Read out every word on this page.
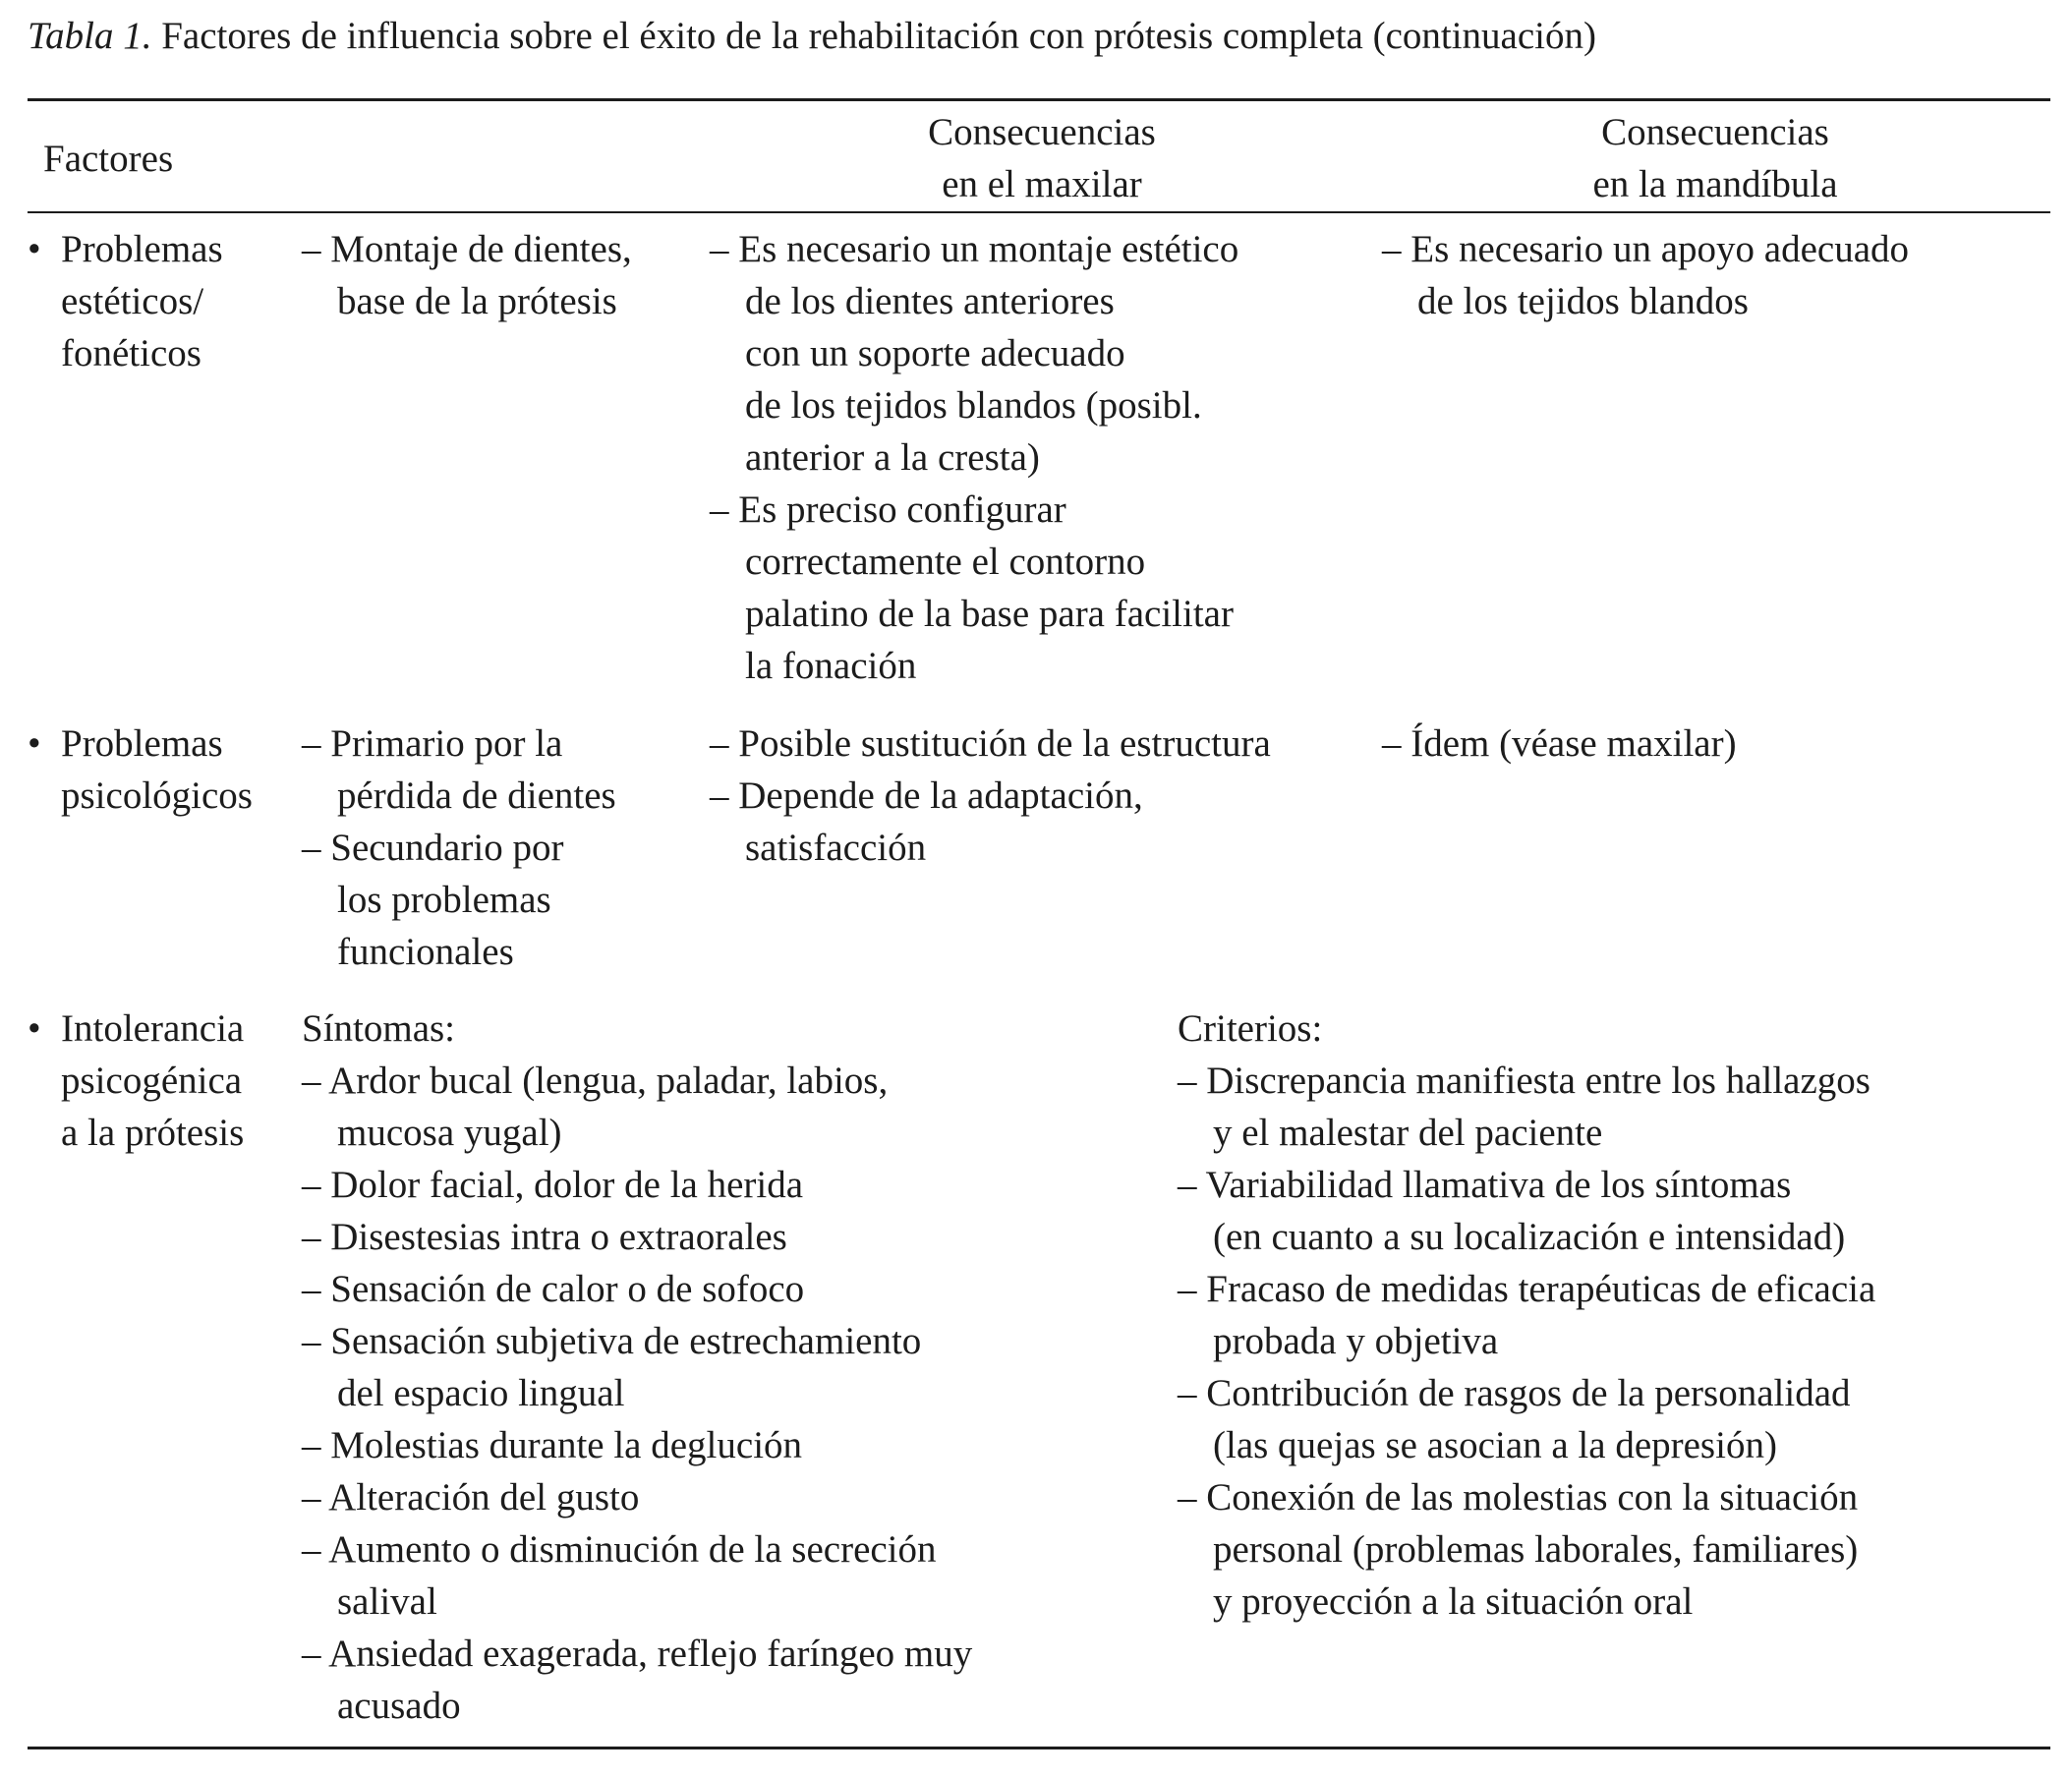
Tabla 1. Factores de influencia sobre el éxito de la rehabilitación con prótesis completa (continuación)
Factores
Consecuencias
en el maxilar
Consecuencias
en la mandíbula
• Problemas
estéticos/
fonéticos
– Montaje de dientes,
base de la prótesis
– Es necesario un montaje estético
de los dientes anteriores
con un soporte adecuado
de los tejidos blandos (posibl.
anterior a la cresta)
– Es preciso configurar
correctamente el contorno
palatino de la base para facilitar
la fonación
– Es necesario un apoyo adecuado
de los tejidos blandos
• Problemas
psicológicos
– Primario por la
pérdida de dientes
– Secundario por
los problemas
funcionales
– Posible sustitución de la estructura
– Depende de la adaptación,
satisfacción
– Ídem (véase maxilar)
• Intolerancia
psicogénica
a la prótesis
Síntomas:
– Ardor bucal (lengua, paladar, labios,
mucosa yugal)
– Dolor facial, dolor de la herida
– Disestesias intra o extraorales
– Sensación de calor o de sofoco
– Sensación subjetiva de estrechamiento
del espacio lingual
– Molestias durante la deglución
– Alteración del gusto
– Aumento o disminución de la secreción
salival
– Ansiedad exagerada, reflejo faríngeo muy
acusado
Criterios:
– Discrepancia manifiesta entre los hallazgos
y el malestar del paciente
– Variabilidad llamativa de los síntomas
(en cuanto a su localización e intensidad)
– Fracaso de medidas terapéuticas de eficacia
probada y objetiva
– Contribución de rasgos de la personalidad
(las quejas se asocian a la depresión)
– Conexión de las molestias con la situación
personal (problemas laborales, familiares)
y proyección a la situación oral
